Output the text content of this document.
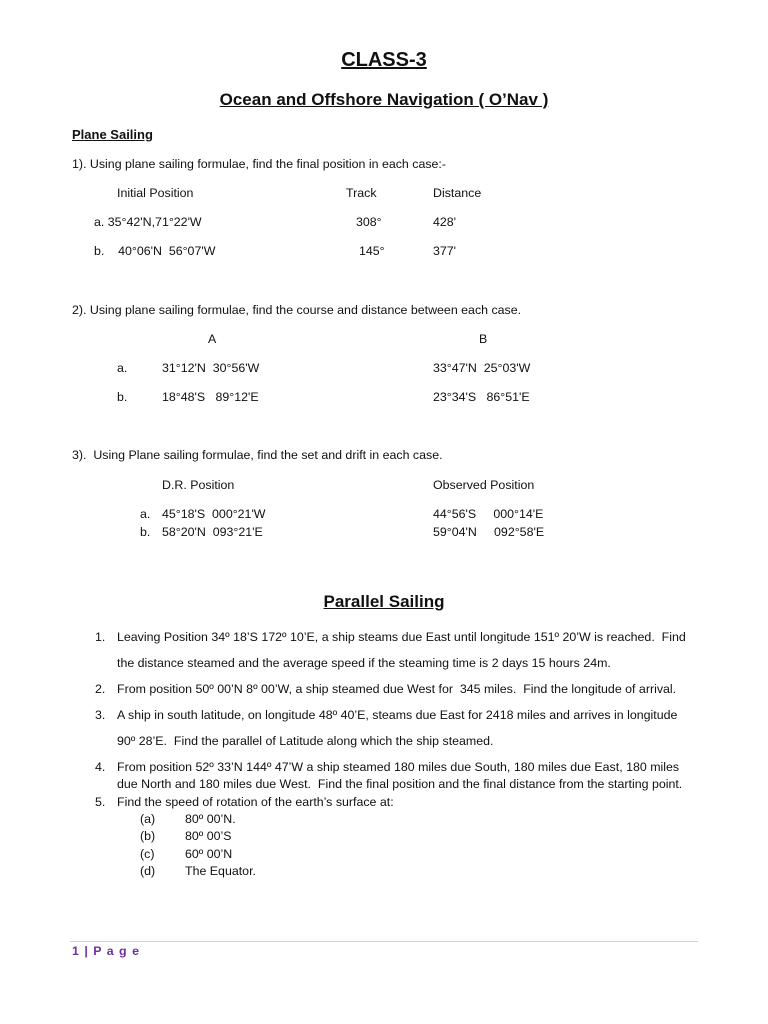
CLASS-3
Ocean and Offshore Navigation ( O’Nav )
Plane Sailing
1). Using plane sailing formulae, find the final position in each case:-
Initial Position	Track	Distance
a. 35°42'N,71°22'W	308°	428'
b.    40°06'N  56°07'W	145°	377'
2). Using plane sailing formulae, find the course and distance between each case.
A	B
a.	31°12'N  30°56'W	33°47'N  25°03'W
b.	18°48'S   89°12'E	23°34'S   86°51'E
3).  Using Plane sailing formulae, find the set and drift in each case.
D.R. Position	Observed Position
a. 45°18'S  000°21'W	44°56'S     000°14'E
b. 58°20'N  093°21'E	59°04'N     092°58'E
Parallel Sailing
1. Leaving Position 34º 18’S 172º 10’E, a ship steams due East until longitude 151º 20’W is reached.  Find
the distance steamed and the average speed if the steaming time is 2 days 15 hours 24m.
2. From position 50º 00’N 8º 00’W, a ship steamed due West for  345 miles.  Find the longitude of arrival.
3. A ship in south latitude, on longitude 48º 40’E, steams due East for 2418 miles and arrives in longitude
90º 28’E.  Find the parallel of Latitude along which the ship steamed.
4. From position 52º 33’N 144º 47’W a ship steamed 180 miles due South, 180 miles due East, 180 miles
due North and 180 miles due West.  Find the final position and the final distance from the starting point.
5. Find the speed of rotation of the earth’s surface at:
(a) 80º 00’N.
(b) 80º 00’S
(c) 60º 00’N
(d) The Equator.
1 | P a g e
